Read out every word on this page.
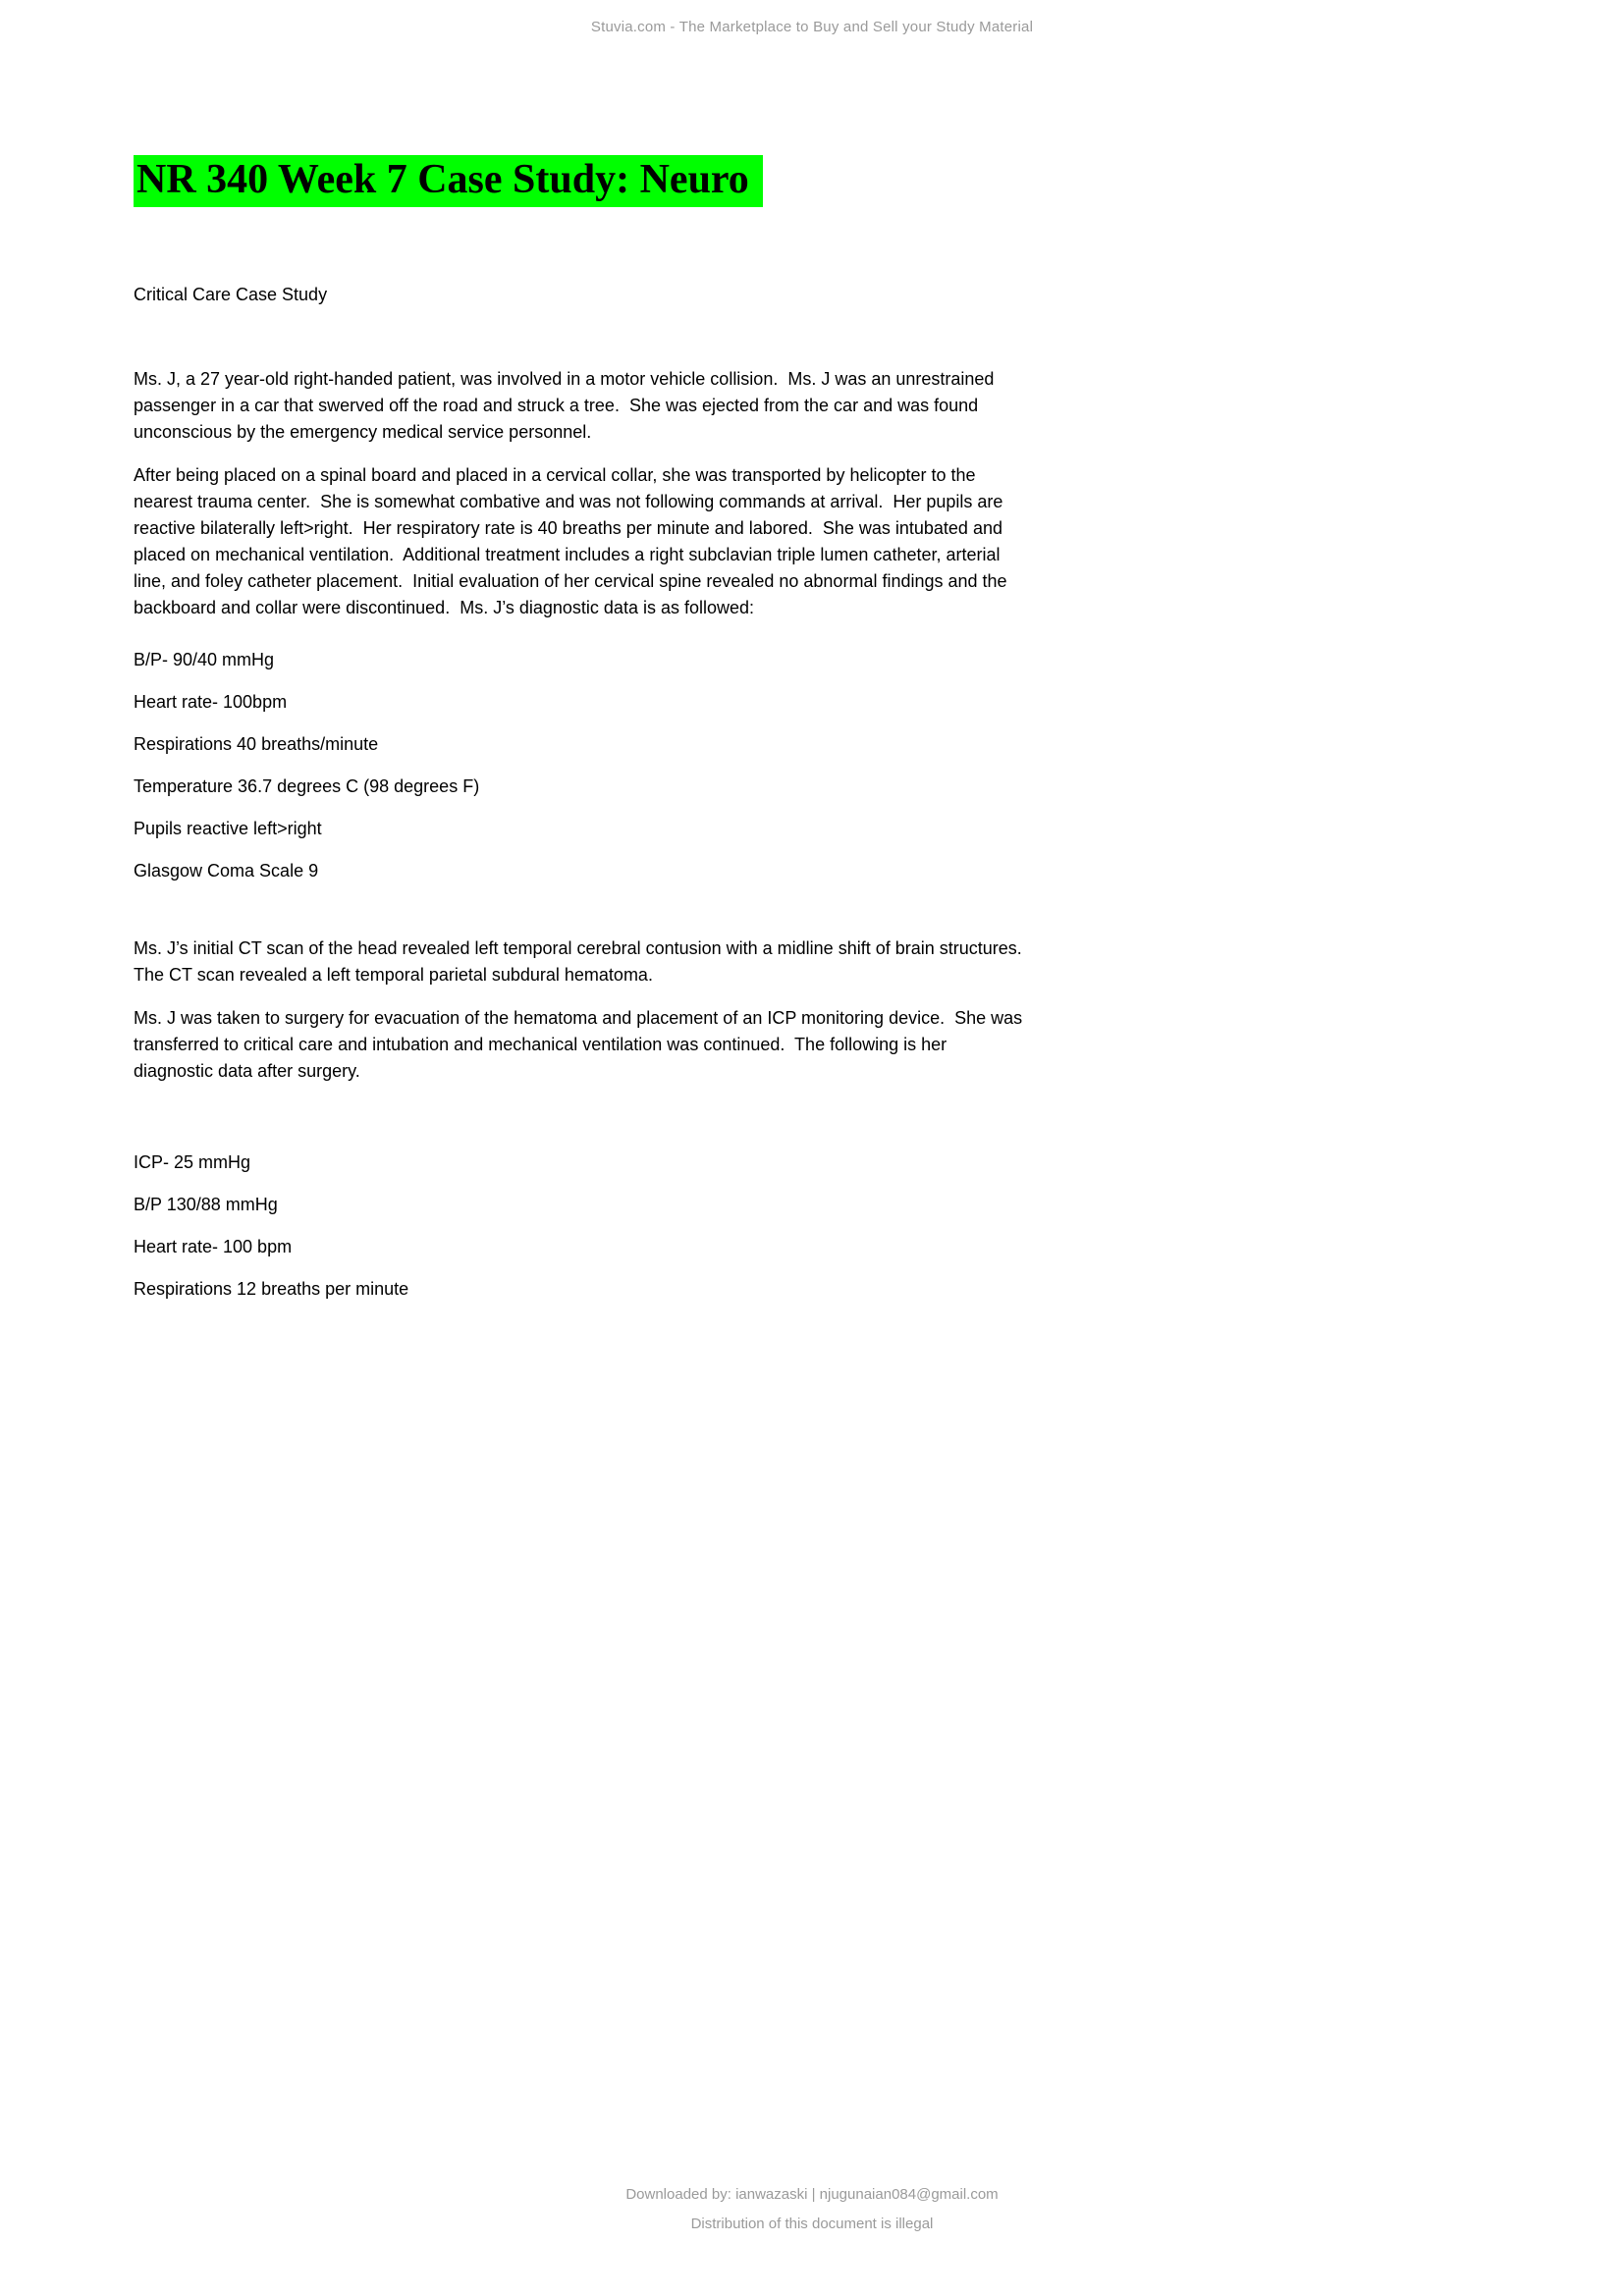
Stuvia.com - The Marketplace to Buy and Sell your Study Material
NR 340 Week 7 Case Study: Neuro
Critical Care Case Study

Ms. J, a 27 year-old right-handed patient, was involved in a motor vehicle collision.  Ms. J was an unrestrained passenger in a car that swerved off the road and struck a tree.  She was ejected from the car and was found unconscious by the emergency medical service personnel.

After being placed on a spinal board and placed in a cervical collar, she was transported by helicopter to the nearest trauma center.  She is somewhat combative and was not following commands at arrival.  Her pupils are reactive bilaterally left>right.  Her respiratory rate is 40 breaths per minute and labored.  She was intubated and placed on mechanical ventilation.  Additional treatment includes a right subclavian triple lumen catheter, arterial line, and foley catheter placement.  Initial evaluation of her cervical spine revealed no abnormal findings and the backboard and collar were discontinued.  Ms. J’s diagnostic data is as followed:

B/P- 90/40 mmHg

Heart rate- 100bpm

Respirations 40 breaths/minute

Temperature 36.7 degrees C (98 degrees F)

Pupils reactive left>right

Glasgow Coma Scale 9

Ms. J’s initial CT scan of the head revealed left temporal cerebral contusion with a midline shift of brain structures.  The CT scan revealed a left temporal parietal subdural hematoma.

Ms. J was taken to surgery for evacuation of the hematoma and placement of an ICP monitoring device.  She was transferred to critical care and intubation and mechanical ventilation was continued.  The following is her diagnostic data after surgery.

ICP- 25 mmHg

B/P 130/88 mmHg

Heart rate- 100 bpm

Respirations 12 breaths per minute

Downloaded by: ianwazaski | njugunaian084@gmail.com
Distribution of this document is illegal
